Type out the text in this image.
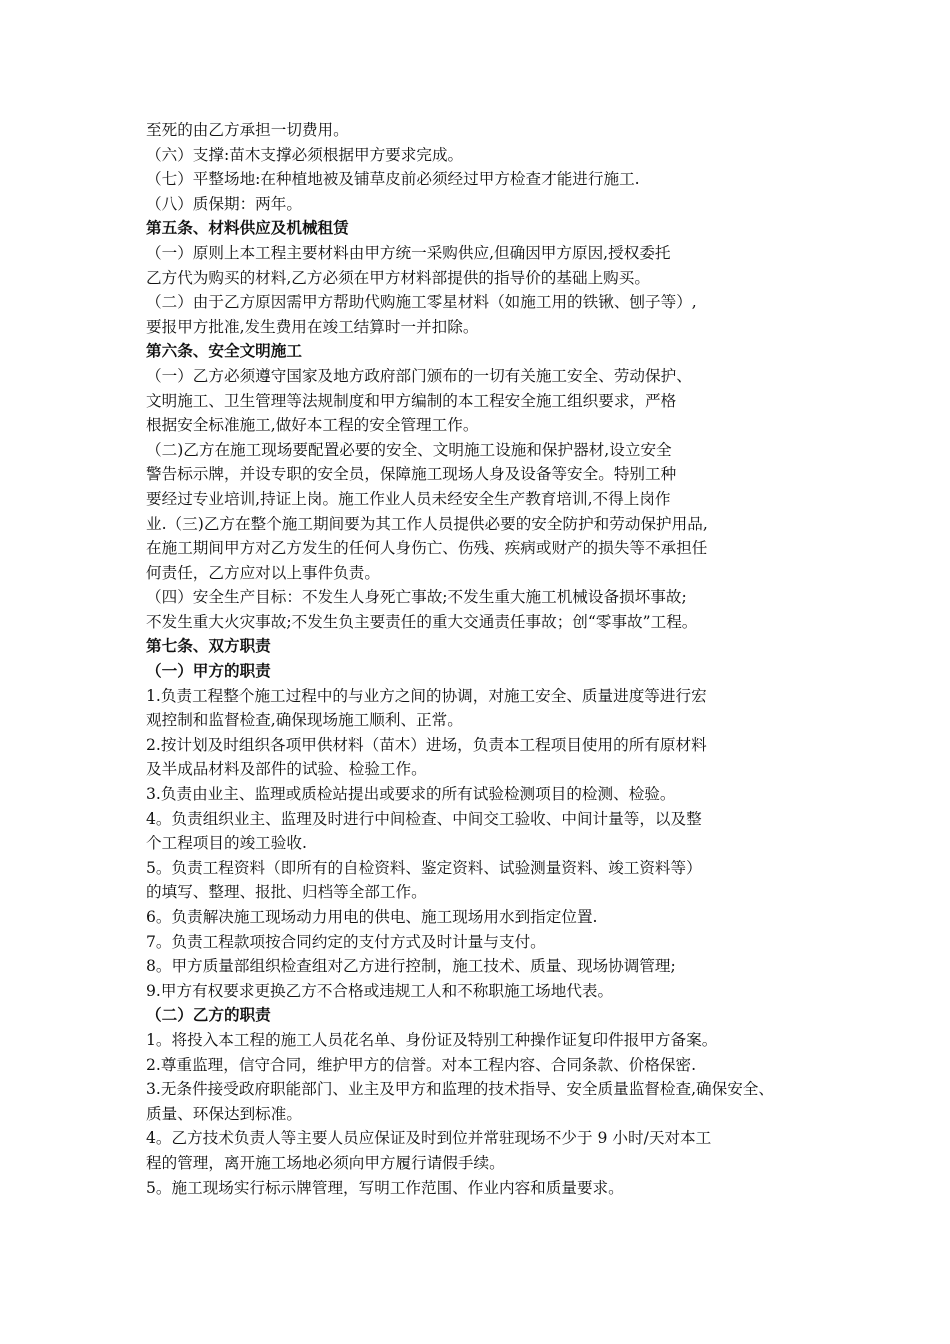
至死的由乙方承担一切费用。
（六）支撑:苗木支撑必须根据甲方要求完成。
（七）平整场地:在种植地被及铺草皮前必须经过甲方检查才能进行施工.
（八）质保期：两年。
第五条、材料供应及机械租赁
（一）原则上本工程主要材料由甲方统一采购供应,但确因甲方原因,授权委托
乙方代为购买的材料,乙方必须在甲方材料部提供的指导价的基础上购买。
（二）由于乙方原因需甲方帮助代购施工零星材料（如施工用的铁锹、刨子等）,
要报甲方批准,发生费用在竣工结算时一并扣除。
第六条、安全文明施工
（一）乙方必须遵守国家及地方政府部门颁布的一切有关施工安全、劳动保护、
文明施工、卫生管理等法规制度和甲方编制的本工程安全施工组织要求，严格
根据安全标准施工,做好本工程的安全管理工作。
（二)乙方在施工现场要配置必要的安全、文明施工设施和保护器材,设立安全
警告标示牌，并设专职的安全员，保障施工现场人身及设备等安全。特别工种
要经过专业培训,持证上岗。施工作业人员未经安全生产教育培训,不得上岗作
业.（三)乙方在整个施工期间要为其工作人员提供必要的安全防护和劳动保护用品,
在施工期间甲方对乙方发生的任何人身伤亡、伤残、疾病或财产的损失等不承担任
何责任，乙方应对以上事件负责。
（四）安全生产目标：不发生人身死亡事故;不发生重大施工机械设备损坏事故;
不发生重大火灾事故;不发生负主要责任的重大交通责任事故；创“零事故”工程。
第七条、双方职责
（一）甲方的职责
1.负责工程整个施工过程中的与业方之间的协调，对施工安全、质量进度等进行宏
观控制和监督检查,确保现场施工顺利、正常。
2.按计划及时组织各项甲供材料（苗木）进场，负责本工程项目使用的所有原材料
及半成品材料及部件的试验、检验工作。
3.负责由业主、监理或质检站提出或要求的所有试验检测项目的检测、检验。
4。负责组织业主、监理及时进行中间检查、中间交工验收、中间计量等，以及整
个工程项目的竣工验收.
5。负责工程资料（即所有的自检资料、鉴定资料、试验测量资料、竣工资料等）
的填写、整理、报批、归档等全部工作。
6。负责解决施工现场动力用电的供电、施工现场用水到指定位置.
7。负责工程款项按合同约定的支付方式及时计量与支付。
8。甲方质量部组织检查组对乙方进行控制，施工技术、质量、现场协调管理;
9.甲方有权要求更换乙方不合格或违规工人和不称职施工场地代表。
（二）乙方的职责
1。将投入本工程的施工人员花名单、身份证及特别工种操作证复印件报甲方备案。
2.尊重监理，信守合同，维护甲方的信誉。对本工程内容、合同条款、价格保密.
3.无条件接受政府职能部门、业主及甲方和监理的技术指导、安全质量监督检查,确保安全、
质量、环保达到标准。
4。乙方技术负责人等主要人员应保证及时到位并常驻现场不少于 9 小时/天对本工
程的管理，离开施工场地必须向甲方履行请假手续。
5。施工现场实行标示牌管理，写明工作范围、作业内容和质量要求。
